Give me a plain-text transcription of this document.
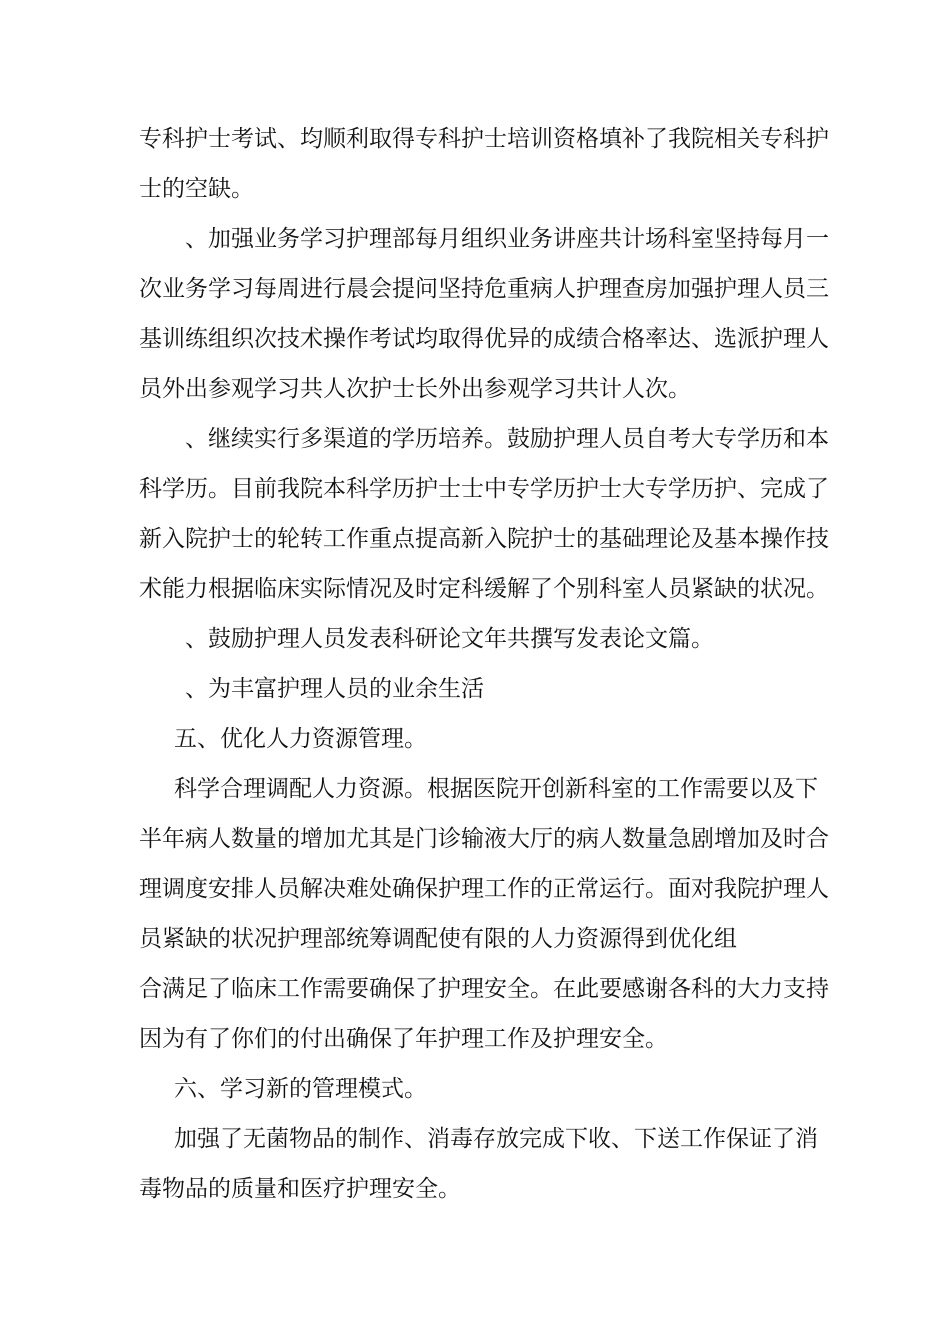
专科护士考试、均顺利取得专科护士培训资格填补了我院相关专科护
士的空缺。
、加强业务学习护理部每月组织业务讲座共计场科室坚持每月一
次业务学习每周进行晨会提问坚持危重病人护理查房加强护理人员三
基训练组织次技术操作考试均取得优异的成绩合格率达、选派护理人
员外出参观学习共人次护士长外出参观学习共计人次。
、继续实行多渠道的学历培养。鼓励护理人员自考大专学历和本
科学历。目前我院本科学历护士士中专学历护士大专学历护、完成了
新入院护士的轮转工作重点提高新入院护士的基础理论及基本操作技
术能力根据临床实际情况及时定科缓解了个别科室人员紧缺的状况。
、鼓励护理人员发表科研论文年共撰写发表论文篇。
、为丰富护理人员的业余生活
五、优化人力资源管理。
科学合理调配人力资源。根据医院开创新科室的工作需要以及下
半年病人数量的增加尤其是门诊输液大厅的病人数量急剧增加及时合
理调度安排人员解决难处确保护理工作的正常运行。面对我院护理人
员紧缺的状况护理部统筹调配使有限的人力资源得到优化组
合满足了临床工作需要确保了护理安全。在此要感谢各科的大力支持
因为有了你们的付出确保了年护理工作及护理安全。
六、学习新的管理模式。
加强了无菌物品的制作、消毒存放完成下收、下送工作保证了消
毒物品的质量和医疗护理安全。
